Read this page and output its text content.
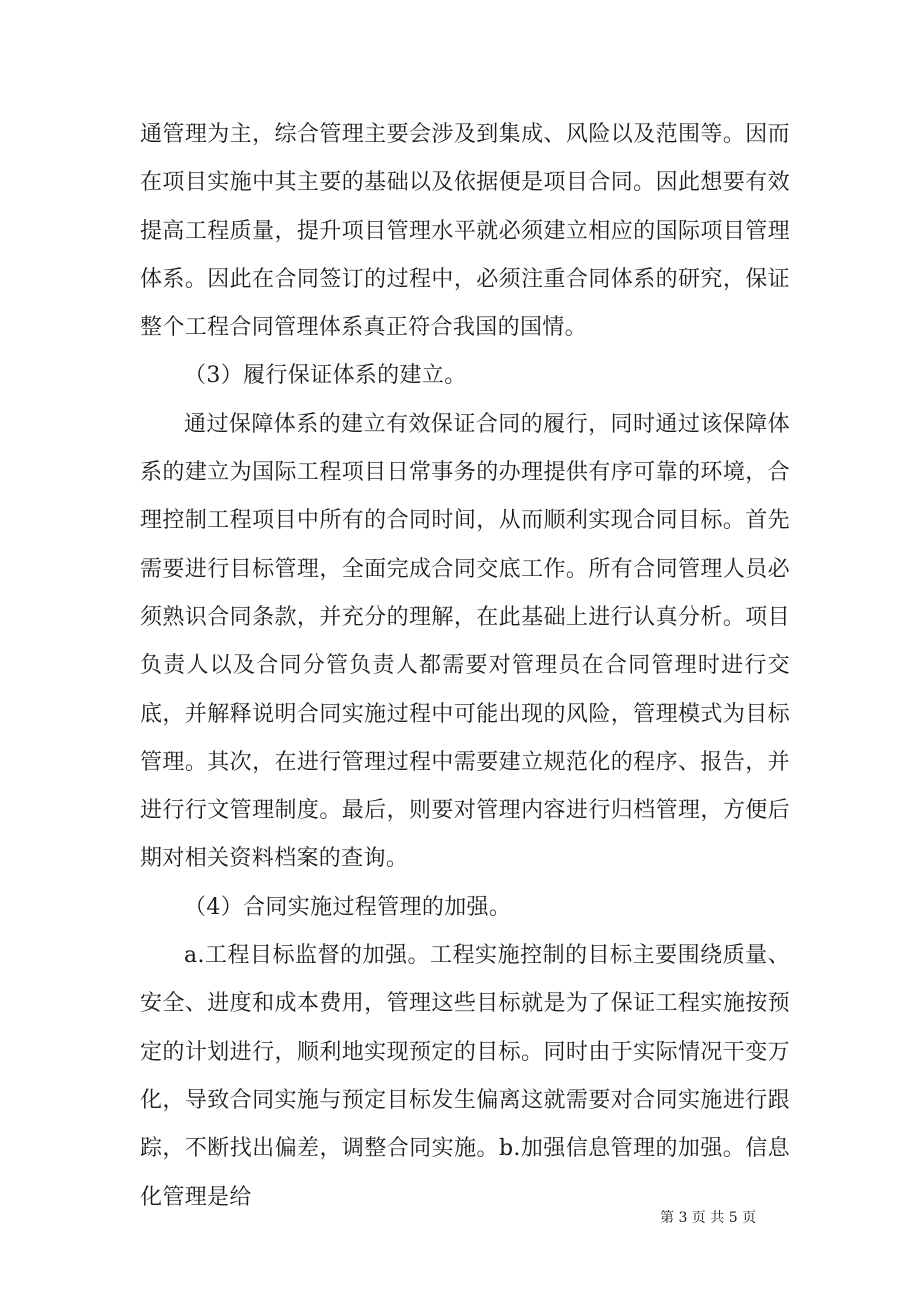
通管理为主，综合管理主要会涉及到集成、风险以及范围等。因而在项目实施中其主要的基础以及依据便是项目合同。因此想要有效提高工程质量，提升项目管理水平就必须建立相应的国际项目管理体系。因此在合同签订的过程中，必须注重合同体系的研究，保证整个工程合同管理体系真正符合我国的国情。

（3）履行保证体系的建立。

通过保障体系的建立有效保证合同的履行，同时通过该保障体系的建立为国际工程项目日常事务的办理提供有序可靠的环境，合理控制工程项目中所有的合同时间，从而顺利实现合同目标。首先需要进行目标管理，全面完成合同交底工作。所有合同管理人员必须熟识合同条款，并充分的理解，在此基础上进行认真分析。项目负责人以及合同分管负责人都需要对管理员在合同管理时进行交底，并解释说明合同实施过程中可能出现的风险，管理模式为目标管理。其次，在进行管理过程中需要建立规范化的程序、报告，并进行行文管理制度。最后，则要对管理内容进行归档管理，方便后期对相关资料档案的查询。

（4）合同实施过程管理的加强。

a.工程目标监督的加强。工程实施控制的目标主要围绕质量、安全、进度和成本费用，管理这些目标就是为了保证工程实施按预定的计划进行，顺利地实现预定的目标。同时由于实际情况干变万化，导致合同实施与预定目标发生偏离这就需要对合同实施进行跟踪，不断找出偏差，调整合同实施。b.加强信息管理的加强。信息化管理是给

第 3 页 共 5 页
